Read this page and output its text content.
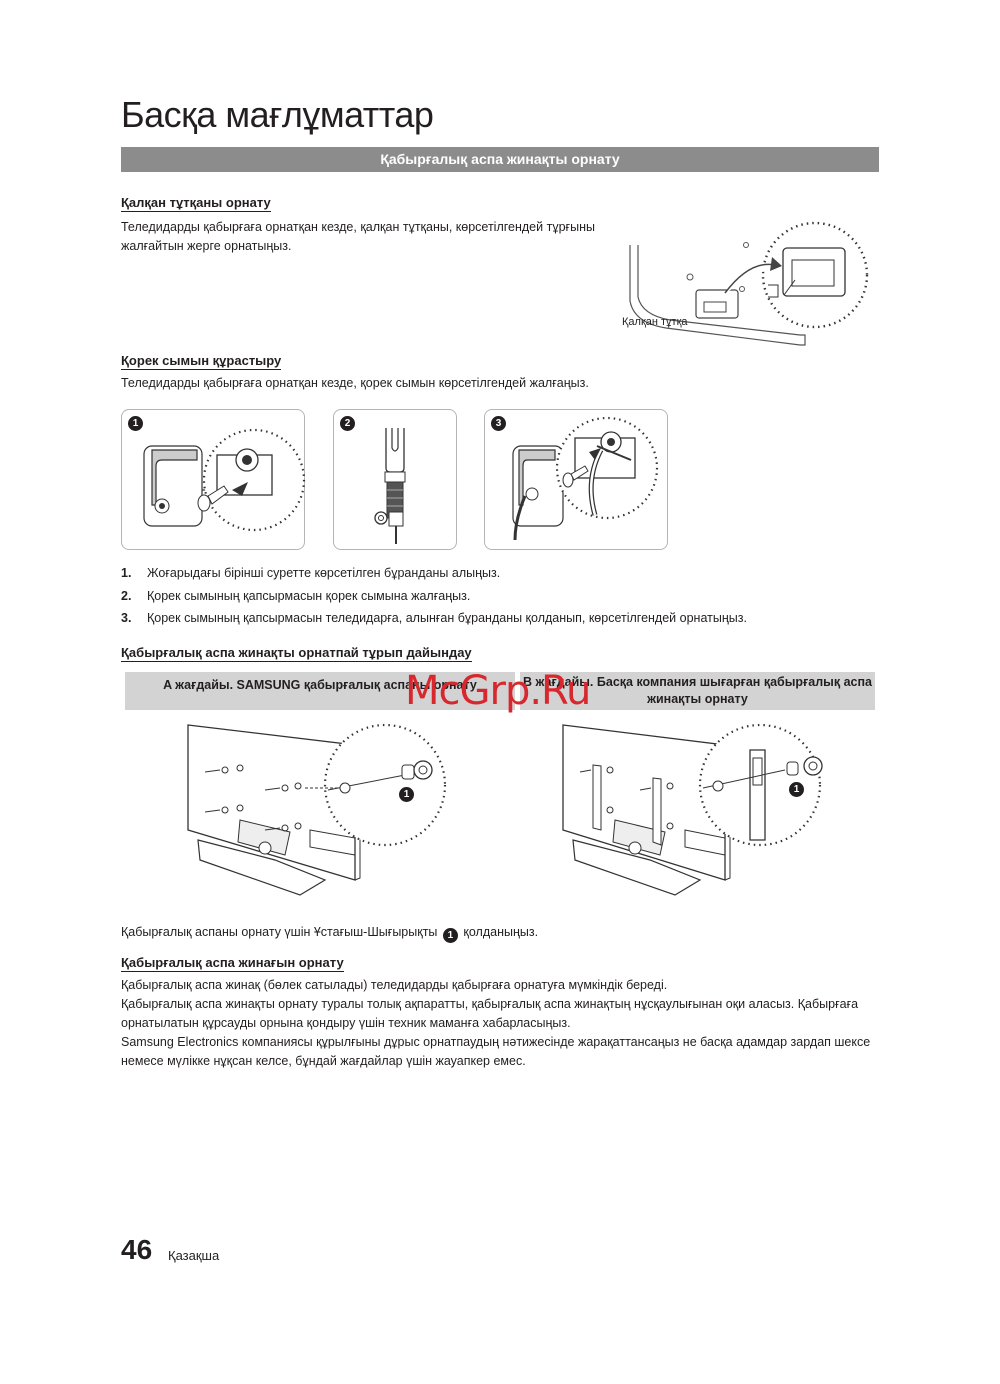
Басқа мағлұматтар
Қабырғалық аспа жинақты орнату
Қалқан тұтқаны орнату
Теледидарды қабырғаға орнатқан кезде, қалқан тұтқаны, көрсетілгендей тұрғыны
жалғайтын жерге орнатыңыз.
Қалқан тұтқа
Қорек сымын құрастыру
Теледидарды қабырғаға орнатқан кезде, қорек сымын көрсетілгендей жалғаңыз.
1	2	3
1. Жоғарыдағы бірінші суретте көрсетілген бұранданы алыңыз.
2. Қорек сымының қапсырмасын қорек сымына жалғаңыз.
3. Қорек сымының қапсырмасын теледидарға, алынған бұранданы қолданып, көрсетілгендей орнатыңыз.
Қабырғалық аспа жинақты орнатпай тұрып дайындау
A жағдайы. SAMSUNG қабырғалық аспаны орнату	B жағдайы. Басқа компания шығарған қабырғалық аспа
жинақты орнату
1	1
McGrp.Ru
Қабырғалық аспаны орнату үшін Ұстағыш-Шығырықты 1 қолданыңыз.
Қабырғалық аспа жинағын орнату
Қабырғалық аспа жинақ (бөлек сатылады) теледидарды қабырғаға орнатуға мүмкіндік береді.
Қабырғалық аспа жинақты орнату туралы толық ақпаратты, қабырғалық аспа жинақтың нұсқаулығынан оқи аласыз. Қабырғаға
орнатылатын құрсауды орнына қондыру үшін техник маманға хабарласыңыз.
Samsung Electronics компаниясы құрылғыны дұрыс орнатпаудың нәтижесінде жарақаттансаңыз не басқа адамдар зардап шексе
немесе мүлікке нұқсан келсе, бұндай жағдайлар үшін жауапкер емес.
46 Қазақша
